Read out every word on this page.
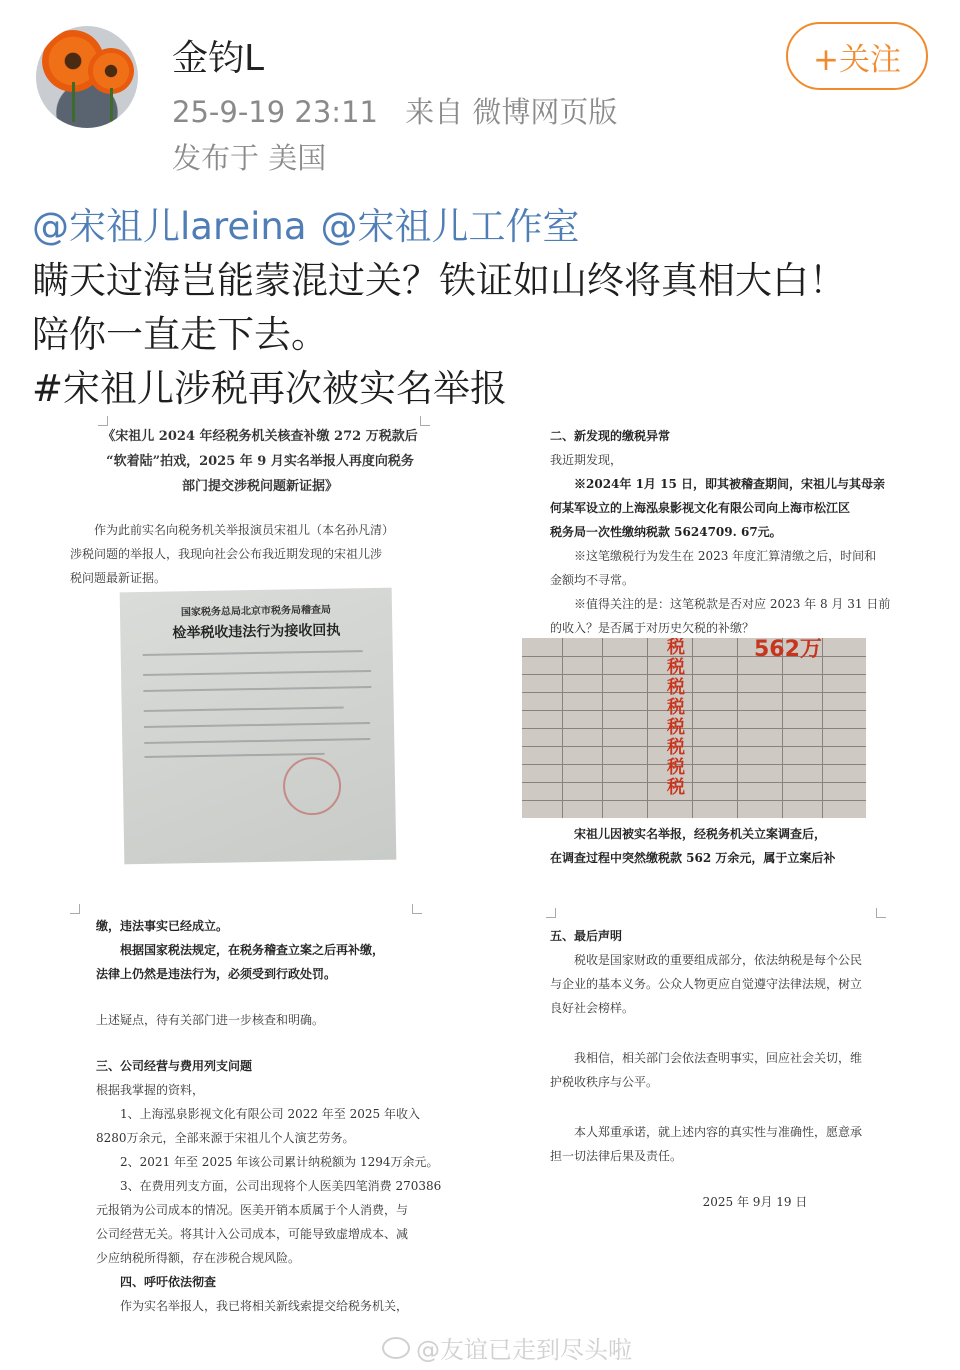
金钧L
25-9-19 23:11 来自 微博网页版
发布于 美国
+关注
@宋祖儿lareina @宋祖儿工作室
瞒天过海岂能蒙混过关？铁证如山终将真相大白！
陪你一直走下去。
#宋祖儿涉税再次被实名举报

《宋祖儿 2024 年经税务机关核查补缴 272 万税款后

“软着陆”拍戏，2025 年 9 月实名举报人再度向税务

部门提交涉税问题新证据》

作为此前实名向税务机关举报演员宋祖儿（本名孙凡清）

涉税问题的举报人，我现向社会公布我近期发现的宋祖儿涉

税问题最新证据。

国家税务总局北京市税务局稽查局
检举税收违法行为接收回执

二、新发现的缴税异常

我近期发现，

※2024年 1月 15 日，即其被稽查期间，宋祖儿与其母亲

何某军设立的上海泓泉影视文化有限公司向上海市松江区

税务局一次性缴纳税款 5624709. 67元。

※这笔缴税行为发生在 2023 年度汇算清缴之后，时间和

金额均不寻常。

※值得关注的是：这笔税款是否对应 2023 年 8 月 31 日前

的收入？是否属于对历史欠税的补缴？

562万
税
税
税
税
税
税
税
税

宋祖儿因被实名举报，经税务机关立案调查后，

在调查过程中突然缴税款 562 万余元，属于立案后补

缴，违法事实已经成立。

根据国家税法规定，在税务稽查立案之后再补缴，

法律上仍然是违法行为，必须受到行政处罚。

上述疑点，待有关部门进一步核查和明确。

三、公司经营与费用列支问题

根据我掌握的资料，

1、上海泓泉影视文化有限公司 2022 年至 2025 年收入

8280万余元，全部来源于宋祖儿个人演艺劳务。

2、2021 年至 2025 年该公司累计纳税额为 1294万余元。

3、在费用列支方面，公司出现将个人医美四笔消费 270386

元报销为公司成本的情况。医美开销本质属于个人消费，与

公司经营无关。将其计入公司成本，可能导致虚增成本、减

少应纳税所得额，存在涉税合规风险。

四、呼吁依法彻查

作为实名举报人，我已将相关新线索提交给税务机关，

五、最后声明

税收是国家财政的重要组成部分，依法纳税是每个公民

与企业的基本义务。公众人物更应自觉遵守法律法规，树立

良好社会榜样。

我相信，相关部门会依法查明事实，回应社会关切，维

护税收秩序与公平。

本人郑重承诺，就上述内容的真实性与准确性，愿意承

担一切法律后果及责任。

2025 年 9月 19 日

@友谊已走到尽头啦
